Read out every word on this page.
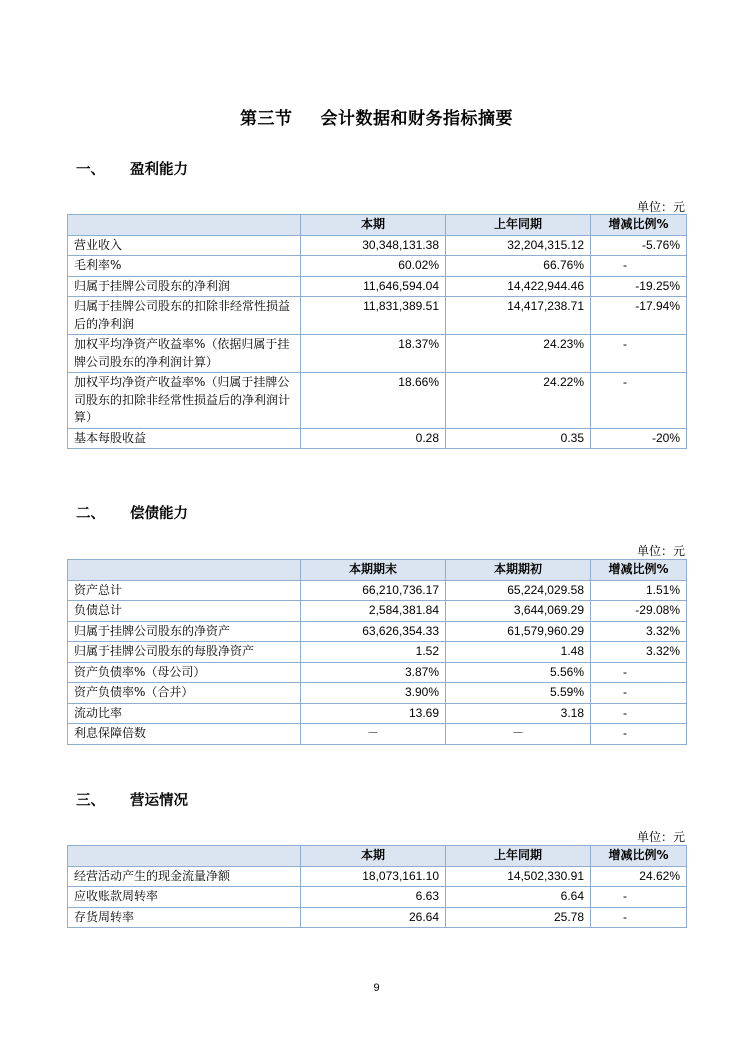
第三节 会计数据和财务指标摘要
一、 盈利能力
单位：元
	本期	上年同期	增减比例%
营业收入	30,348,131.38	32,204,315.12	-5.76%
毛利率%	60.02%	66.76%	-
归属于挂牌公司股东的净利润	11,646,594.04	14,422,944.46	-19.25%
归属于挂牌公司股东的扣除非经常性损益后的净利润	11,831,389.51	14,417,238.71	-17.94%
加权平均净资产收益率%（依据归属于挂牌公司股东的净利润计算）	18.37%	24.23%	-
加权平均净资产收益率%（归属于挂牌公司股东的扣除非经常性损益后的净利润计算）	18.66%	24.22%	-
基本每股收益	0.28	0.35	-20%
二、 偿债能力
单位：元
	本期期末	本期期初	增减比例%
资产总计	66,210,736.17	65,224,029.58	1.51%
负债总计	2,584,381.84	3,644,069.29	-29.08%
归属于挂牌公司股东的净资产	63,626,354.33	61,579,960.29	3.32%
归属于挂牌公司股东的每股净资产	1.52	1.48	3.32%
资产负债率%（母公司）	3.87%	5.56%	-
资产负债率%（合并）	3.90%	5.59%	-
流动比率	13.69	3.18	-
利息保障倍数	－	－	-
三、 营运情况
单位：元
	本期	上年同期	增减比例%
经营活动产生的现金流量净额	18,073,161.10	14,502,330.91	24.62%
应收账款周转率	6.63	6.64	-
存货周转率	26.64	25.78	-
9
